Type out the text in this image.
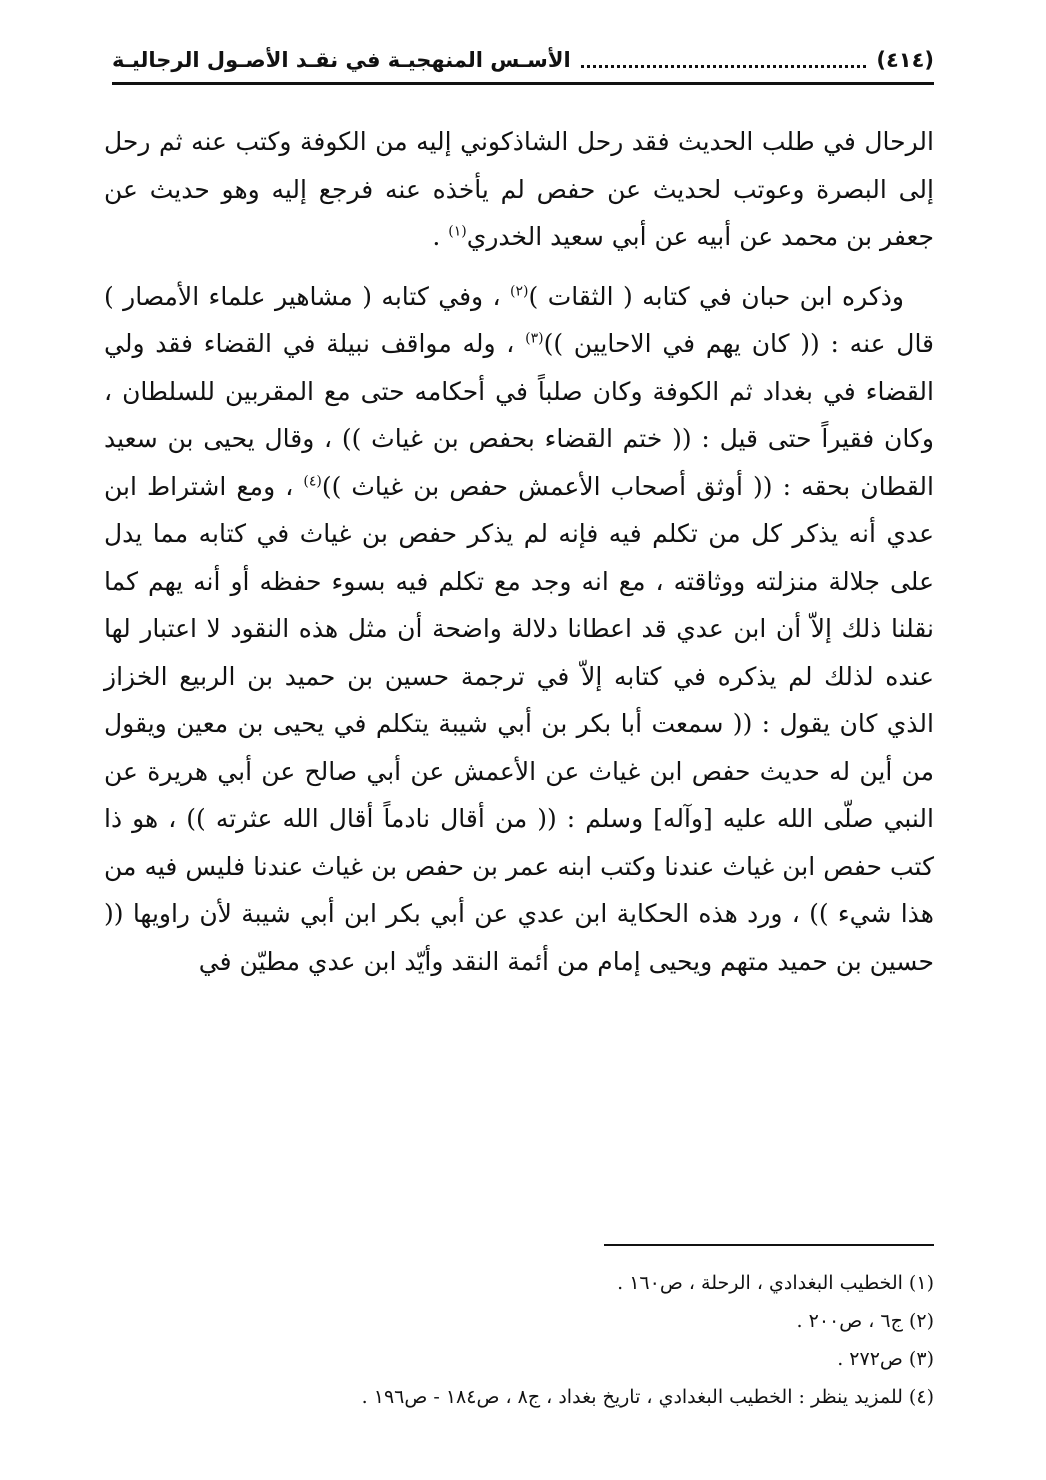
(٤١٤)
الأسـس المنهجيـة في نقـد الأصـول الرجاليـة

الرحال في طلب الحديث فقد رحل الشاذكوني إليه من الكوفة وكتب عنه ثم رحل إلى البصرة وعوتب لحديث عن حفص لم يأخذه عنه فرجع إليه وهو حديث عن جعفر بن محمد عن أبيه عن أبي سعيد الخدري$^{(١)}$ .

وذكره ابن حبان في كتابه ( الثقات )$^{(٢)}$ ، وفي كتابه ( مشاهير علماء الأمصار ) قال عنه : (( كان يهم في الاحايين ))$^{(٣)}$ ، وله مواقف نبيلة في القضاء فقد ولي القضاء في بغداد ثم الكوفة وكان صلباً في أحكامه حتى مع المقربين للسلطان ، وكان فقيراً حتى قيل : (( ختم القضاء بحفص بن غياث )) ، وقال يحيى بن سعيد القطان بحقه : (( أوثق أصحاب الأعمش حفص بن غياث ))$^{(٤)}$ ، ومع اشتراط ابن عدي أنه يذكر كل من تكلم فيه فإنه لم يذكر حفص بن غياث في كتابه مما يدل على جلالة منزلته ووثاقته ، مع انه وجد مع تكلم فيه بسوء حفظه أو أنه يهم كما نقلنا ذلك إلاّ أن ابن عدي قد اعطانا دلالة واضحة أن مثل هذه النقود لا اعتبار لها عنده لذلك لم يذكره في كتابه إلاّ في ترجمة حسين بن حميد بن الربيع الخزاز الذي كان يقول : (( سمعت أبا بكر بن أبي شيبة يتكلم في يحيى بن معين ويقول من أين له حديث حفص ابن غياث عن الأعمش عن أبي صالح عن أبي هريرة عن النبي صلّى الله عليه [وآله] وسلم : (( من أقال نادماً أقال الله عثرته )) ، هو ذا كتب حفص ابن غياث عندنا وكتب ابنه عمر بن حفص بن غياث عندنا فليس فيه من هذا شيء )) ، ورد هذه الحكاية ابن عدي عن أبي بكر ابن أبي شيبة لأن راويها (( حسين بن حميد متهم ويحيى إمام من أئمة النقد وأيّد ابن عدي مطيّن في

(١) الخطيب البغدادي ، الرحلة ، ص١٦٠ .
(٢) ج٦ ، ص٢٠٠ .
(٣) ص٢٧٢ .
(٤) للمزيد ينظر : الخطيب البغدادي ، تاريخ بغداد ، ج٨ ، ص١٨٤ - ص١٩٦ .
